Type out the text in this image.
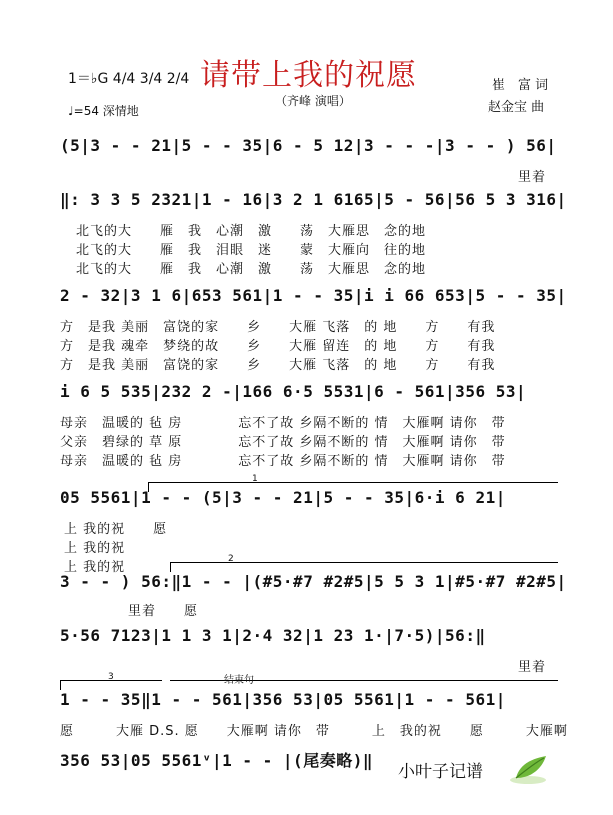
请带上我的祝愿
（齐峰 演唱）
1＝♭G 4/4 3/4 2/4
♩=54 深情地
崔　富 词
赵金宝 曲
(5|3 - - 21|5 - - 35|6 - 5 12|3 - - -|3 - - ) 56|
里着
‖: 3 3 5 2321|1 - 16|3 2 1 6165|5 - 56|56 5 3 316|
北飞的大　　雁　我　心潮　激　　荡　大雁思　念的地
北飞的大　　雁　我　泪眼　迷　　蒙　大雁向　往的地
北飞的大　　雁　我　心潮　激　　荡　大雁思　念的地
2 - 32|3 1 6|653 561|1 - - 35|i i 66 653|5 - - 35|
方　是我 美丽　富饶的家　　乡　　大雁 飞落　的 地　　方　　有我
方　是我 魂牵　梦绕的故　　乡　　大雁 留连　的 地　　方　　有我
方　是我 美丽　富饶的家　　乡　　大雁 飞落　的 地　　方　　有我
i 6 5 535|232 2 -|166 6·5 5531|6 - 561|356 53|
母亲　温暖的 毡 房　　　　忘不了故 乡隔不断的 情　大雁啊 请你　带
父亲　碧绿的 草 原　　　　忘不了故 乡隔不断的 情　大雁啊 请你　带
母亲　温暖的 毡 房　　　　忘不了故 乡隔不断的 情　大雁啊 请你　带
1
05 5561|1 - - (5|3 - - 21|5 - - 35|6·i 6 21|
上 我的祝　　愿
上 我的祝
上 我的祝
2
3 - - ) 56:‖1 - - |(#5·#7 #2#5|5 5 3 1|#5·#7 #2#5|
里着　　愿
5·56 7123|1 1 3 1|2·4 32|1 23 1·|7·5)|56:‖
里着
3	结束句
1 - - 35‖1 - - 561|356 53|05 5561|1 - - 561|
愿　　　大雁 D.S. 愿　　大雁啊 请你　带　　　上　我的祝　　愿　　　大雁啊
356 53|05 5561ᵛ|1 - - |(尾奏略)‖
小叶子记谱
